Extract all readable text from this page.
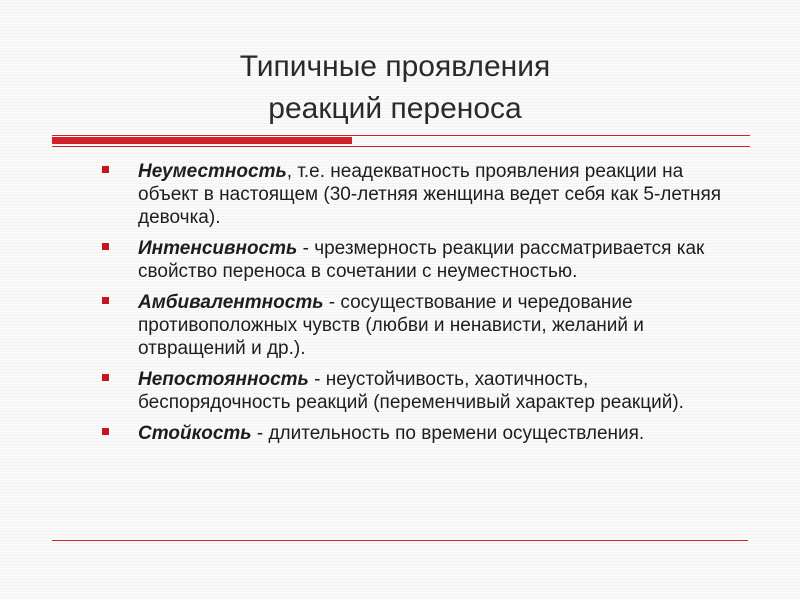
Типичные проявления
реакций переноса
Неуместность, т.е. неадекватность проявления реакции на объект в настоящем (30-летняя женщина ведет себя как 5-летняя девочка).
Интенсивность - чрезмерность реакции рассматривается как свойство переноса в сочетании с неуместностью.
Амбивалентность - сосуществование и чередование противоположных чувств (любви и ненависти, желаний и отвращений и др.).
Непостоянность - неустойчивость, хаотичность, беспорядочность реакций (переменчивый характер реакций).
Стойкость - длительность по времени осуществления.
